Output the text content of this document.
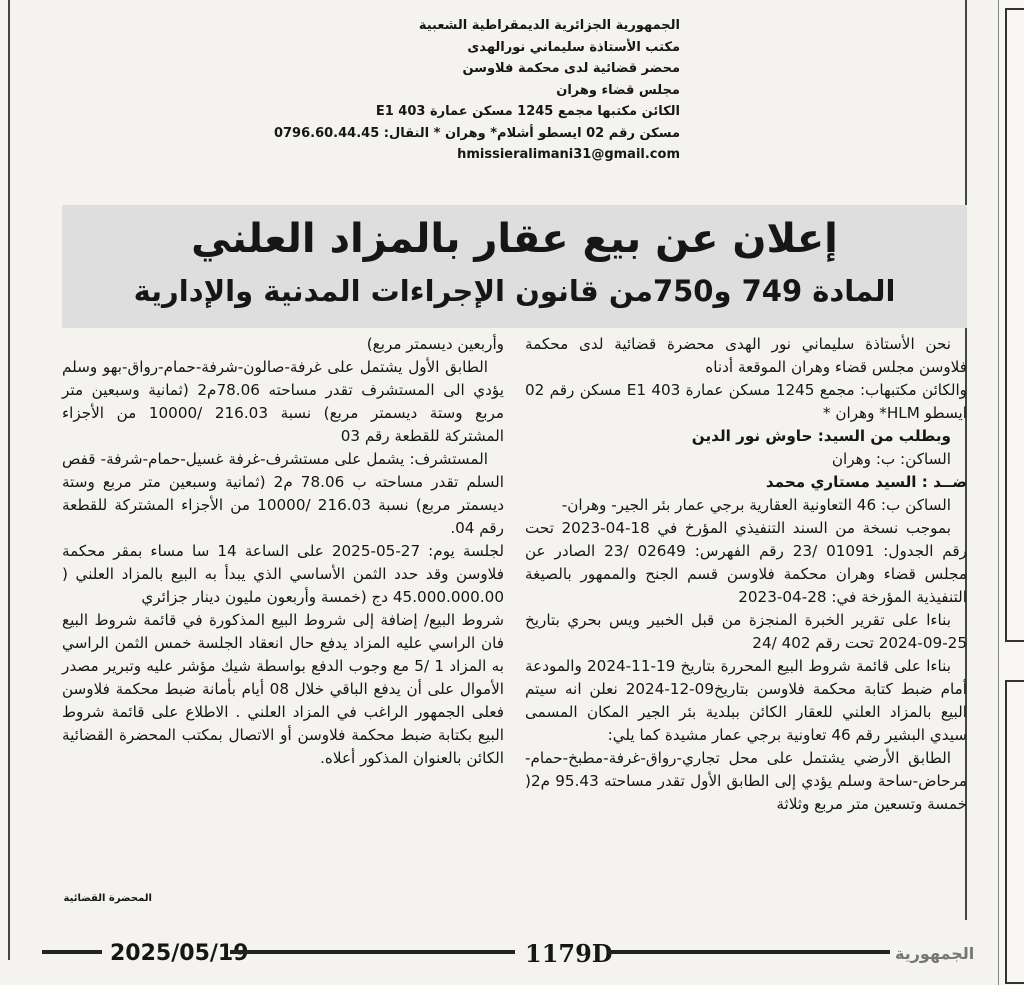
الجمهورية الجزائرية الديمقراطية الشعبية
مكتب الأستاذة سليماني نورالهدى
محضر قضائية لدى محكمة فلاوسن
مجلس قضاء وهران
الكائن مكتبها مجمع 1245 مسكن عمارة E1 403
مسكن رقم 02 ايسطو أشلام* وهران * النقال: 0796.60.44.45
hmissieralimani31@gmail.com
إعلان عن بيع عقار بالمزاد العلني
المادة 749 و750من قانون الإجراءات المدنية والإدارية

نحن الأستاذة سليماني نور الهدى محضرة قضائية لدى محكمة فلاوسن مجلس قضاء وهران الموقعة أدناه

والكائن مكتبهاب: مجمع 1245 مسكن عمارة E1 403 مسكن رقم 02 ايسطو HLM* وهران *

وبطلب من السيد: حاوش نور الدين

الساكن: ب: وهران

ضــد : السيد مستاري محمد

الساكن ب: 46 التعاونية العقارية برجي عمار بئر الجير- وهران-

بموجب نسخة من السند التنفيذي المؤرخ في 18-04-2023 تحت رقم الجدول: 01091 /23 رقم الفهرس: 02649 /23 الصادر عن مجلس قضاء وهران محكمة فلاوسن قسم الجنح والممهور بالصيغة التنفيذية المؤرخة في: 28-04-2023

بناءا على تقرير الخبرة المنجزة من قبل الخبير ويس بحري بتاريخ 25-09-2024 تحت رقم 402 /24

بناءا على قائمة شروط البيع المحررة بتاريخ 19-11-2024 والمودعة أمام ضبط كتابة محكمة فلاوسن بتاريخ09-12-2024 نعلن انه سيتم البيع بالمزاد العلني للعقار الكائن ببلدية بئر الجير المكان المسمى سيدي البشير رقم 46 تعاونية برجي عمار مشيدة كما يلي:

الطابق الأرضي يشتمل على محل تجاري-رواق-غرفة-مطبخ-حمام-مرحاض-ساحة وسلم يؤدي إلى الطابق الأول تقدر مساحته 95.43 م2( خمسة وتسعين متر مربع وثلاثة

وأربعين ديسمتر مربع)

الطابق الأول يشتمل على غرفة-صالون-شرفة-حمام-رواق-بهو وسلم يؤدي الى المستشرف تقدر مساحته 78.06م2 (ثمانية وسبعين متر مربع وستة ديسمتر مربع) نسبة 216.03 /10000 من الأجزاء المشتركة للقطعة رقم 03

المستشرف: يشمل على مستشرف-غرفة غسيل-حمام-شرفة- قفص السلم تقدر مساحته ب 78.06 م2 (ثمانية وسبعين متر مربع وستة ديسمتر مربع) نسبة 216.03 /10000 من الأجزاء المشتركة للقطعة رقم 04.

لجلسة يوم: 27-05-2025 على الساعة 14 سا مساء بمقر محكمة فلاوسن وقد حدد الثمن الأساسي الذي يبدأ به البيع بالمزاد العلني ( 45.000.000.00 دج (خمسة وأربعون مليون دينار جزائري

شروط البيع/ إضافة إلى شروط البيع المذكورة في قائمة شروط البيع فان الراسي عليه المزاد يدفع حال انعقاد الجلسة خمس الثمن الراسي به المزاد 1 /5 مع وجوب الدفع بواسطة شيك مؤشر عليه وتبرير مصدر الأموال على أن يدفع الباقي خلال 08 أيام بأمانة ضبط محكمة فلاوسن فعلى الجمهور الراغب في المزاد العلني . الاطلاع على قائمة شروط البيع بكتابة ضبط محكمة فلاوسن أو الاتصال بمكتب المحضرة القضائية الكائن بالعنوان المذكور أعلاه.

المحضرة القضائية
2025/05/19	1179D	الجمهورية
